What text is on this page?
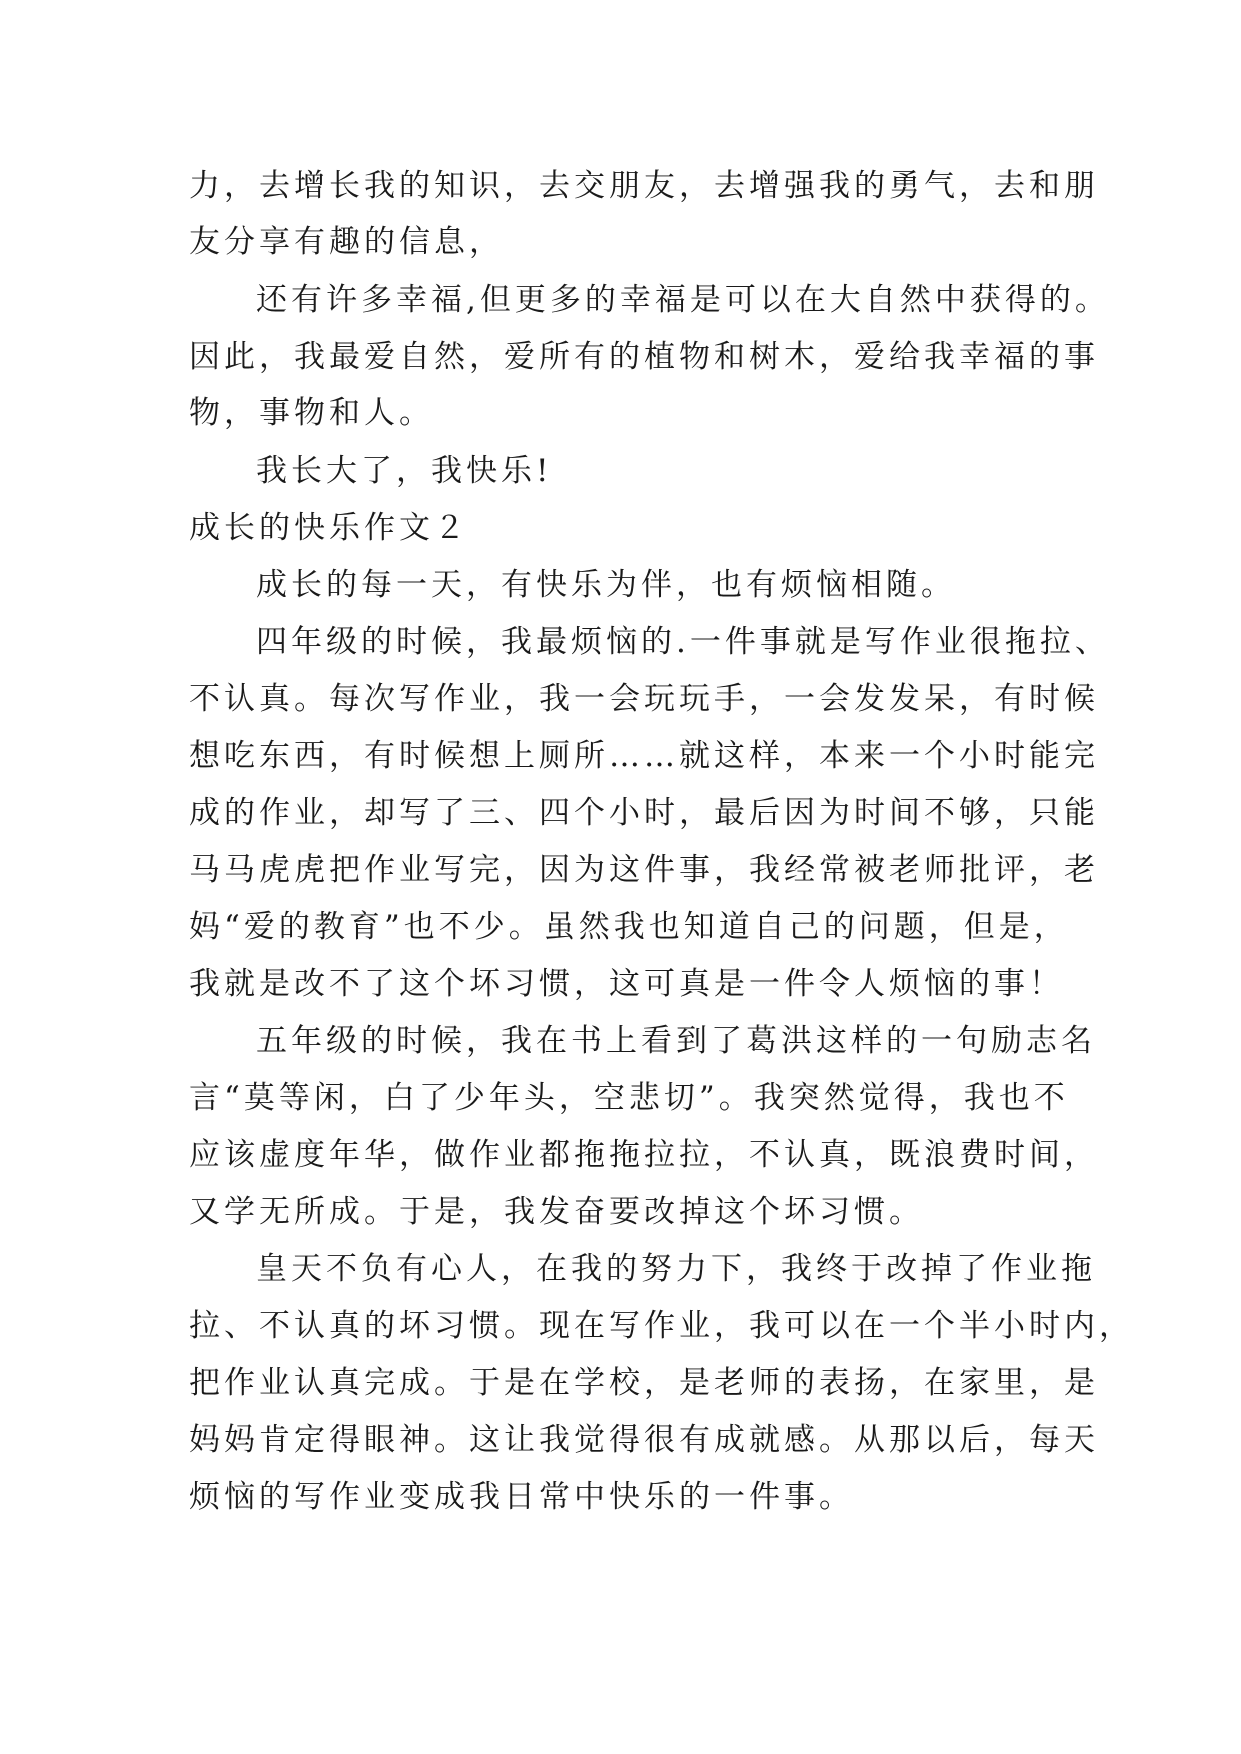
力，去增长我的知识，去交朋友，去增强我的勇气，去和朋
友分享有趣的信息，
还有许多幸福,但更多的幸福是可以在大自然中获得的。
因此，我最爱自然，爱所有的植物和树木，爱给我幸福的事
物，事物和人。
我长大了，我快乐!
成长的快乐作文２
成长的每一天，有快乐为伴，也有烦恼相随。
四年级的时候，我最烦恼的.一件事就是写作业很拖拉、
不认真。每次写作业，我一会玩玩手，一会发发呆，有时候
想吃东西，有时候想上厕所……就这样，本来一个小时能完
成的作业，却写了三、四个小时，最后因为时间不够，只能
马马虎虎把作业写完，因为这件事，我经常被老师批评，老
妈“爱的教育”也不少。虽然我也知道自己的问题，但是，
我就是改不了这个坏习惯，这可真是一件令人烦恼的事！
五年级的时候，我在书上看到了葛洪这样的一句励志名
言“莫等闲，白了少年头，空悲切”。我突然觉得，我也不
应该虚度年华，做作业都拖拖拉拉，不认真，既浪费时间，
又学无所成。于是，我发奋要改掉这个坏习惯。
皇天不负有心人，在我的努力下，我终于改掉了作业拖
拉、不认真的坏习惯。现在写作业，我可以在一个半小时内，
把作业认真完成。于是在学校，是老师的表扬，在家里，是
妈妈肯定得眼神。这让我觉得很有成就感。从那以后，每天
烦恼的写作业变成我日常中快乐的一件事。
